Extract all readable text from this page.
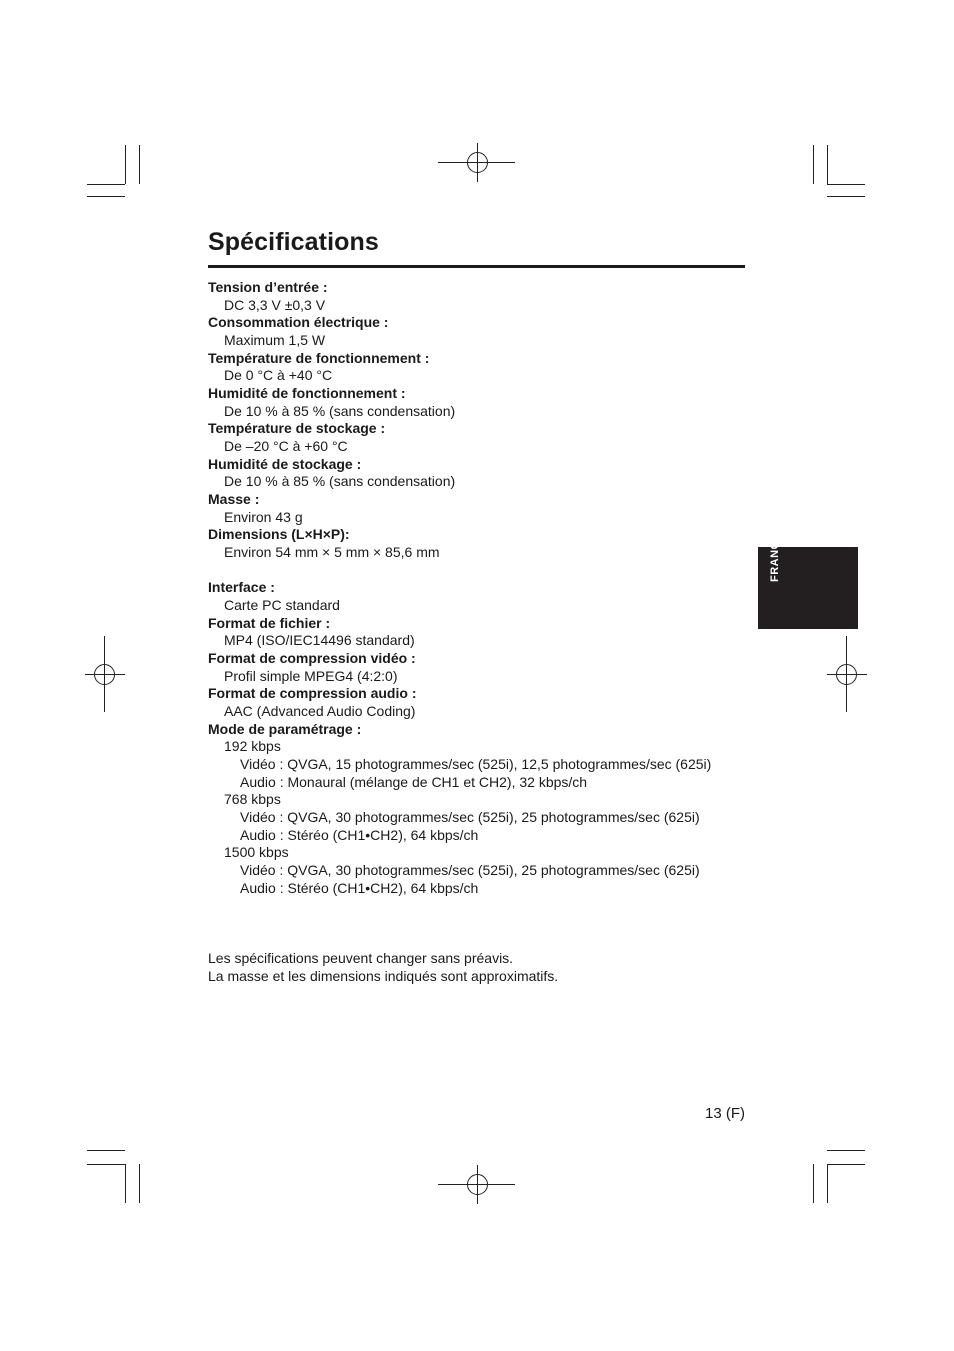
Spécifications
Tension d’entrée :
DC 3,3 V ±0,3 V
Consommation électrique :
Maximum 1,5 W
Température de fonctionnement :
De 0 °C à +40 °C
Humidité de fonctionnement :
De 10 % à 85 % (sans condensation)
Température de stockage :
De –20 °C à +60 °C
Humidité de stockage :
De 10 % à 85 % (sans condensation)
Masse :
Environ 43 g
Dimensions (L×H×P):
Environ 54 mm × 5 mm × 85,6 mm
Interface :
Carte PC standard
Format de fichier :
MP4 (ISO/IEC14496 standard)
Format de compression vidéo :
Profil simple MPEG4 (4:2:0)
Format de compression audio :
AAC (Advanced Audio Coding)
Mode de paramétrage :
192 kbps
Vidéo : QVGA, 15 photogrammes/sec (525i), 12,5 photogrammes/sec (625i)
Audio : Monaural (mélange de CH1 et CH2), 32 kbps/ch
768 kbps
Vidéo : QVGA, 30 photogrammes/sec (525i), 25 photogrammes/sec (625i)
Audio : Stéréo (CH1•CH2), 64 kbps/ch
1500 kbps
Vidéo : QVGA, 30 photogrammes/sec (525i), 25 photogrammes/sec (625i)
Audio : Stéréo (CH1•CH2), 64 kbps/ch
Les spécifications peuvent changer sans préavis.
La masse et les dimensions indiqués sont approximatifs.
13 (F)
FRANÇAIS
